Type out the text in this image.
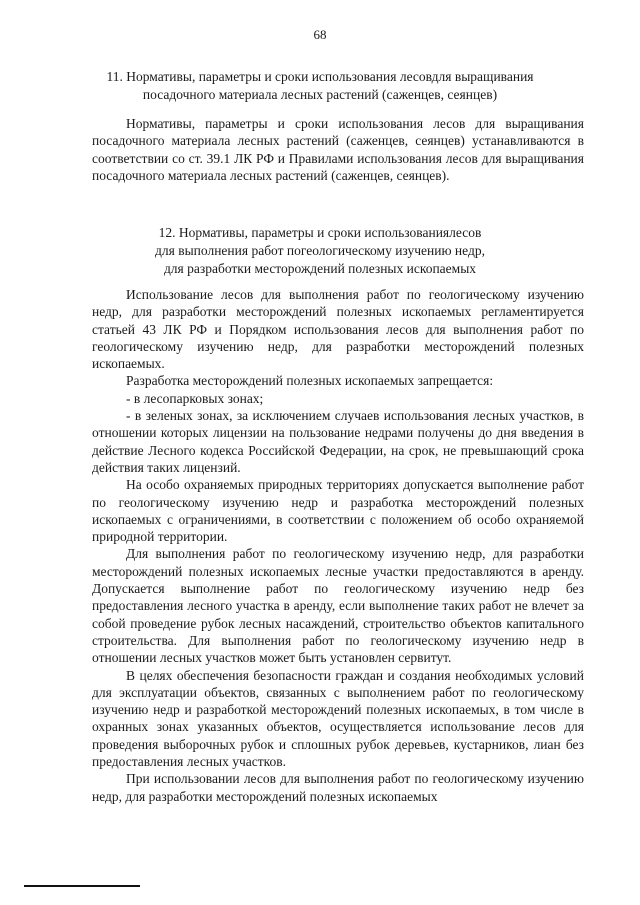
68
11. Нормативы, параметры и сроки использования лесовдля выращивания
посадочного материала лесных растений (саженцев, сеянцев)

Нормативы, параметры и сроки использования лесов для выращивания посадочного материала лесных растений (саженцев, сеянцев) устанавливаются в соответствии со ст. 39.1 ЛК РФ и Правилами использования лесов для выращивания посадочного материала лесных растений (саженцев, сеянцев).

12. Нормативы, параметры и сроки использованиялесов
для выполнения работ погеологическому изучению недр,
для разработки месторождений полезных ископаемых

Использование лесов для выполнения работ по геологическому изучению недр, для разработки месторождений полезных ископаемых регламентируется статьей 43 ЛК РФ и Порядком использования лесов для выполнения работ по геологическому изучению недр, для разработки месторождений полезных ископаемых.

Разработка месторождений полезных ископаемых запрещается:

- в лесопарковых зонах;

- в зеленых зонах, за исключением случаев использования лесных участков, в отношении которых лицензии на пользование недрами получены до дня введения в действие Лесного кодекса Российской Федерации, на срок, не превышающий срока действия таких лицензий.

На особо охраняемых природных территориях допускается выполнение работ по геологическому изучению недр и разработка месторождений полезных ископаемых с ограничениями, в соответствии с положением об особо охраняемой природной территории.

Для выполнения работ по геологическому изучению недр, для разработки месторождений полезных ископаемых лесные участки предоставляются в аренду. Допускается выполнение работ по геологическому изучению недр без предоставления лесного участка в аренду, если выполнение таких работ не влечет за собой проведение рубок лесных насаждений, строительство объектов капитального строительства. Для выполнения работ по геологическому изучению недр в отношении лесных участков может быть установлен сервитут.

В целях обеспечения безопасности граждан и создания необходимых условий для эксплуатации объектов, связанных с выполнением работ по геологическому изучению недр и разработкой месторождений полезных ископаемых, в том числе в охранных зонах указанных объектов, осуществляется использование лесов для проведения выборочных рубок и сплошных рубок деревьев, кустарников, лиан без предоставления лесных участков.

При использовании лесов для выполнения работ по геологическому изучению недр, для разработки месторождений полезных ископаемых
